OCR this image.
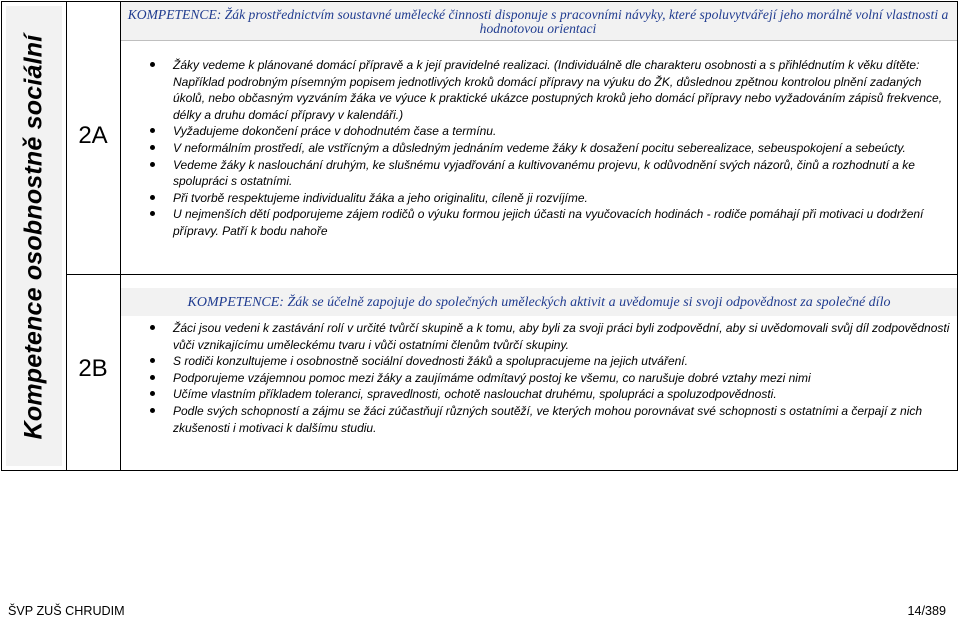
Kompetence osobnostně sociální	2A
2B
KOMPETENCE: Žák prostřednictvím soustavné umělecké činnosti disponuje s pracovními návyky, které spoluvytvářejí jeho morálně volní vlastnosti a hodnotovou orientaci
Žáky vedeme k plánované domácí přípravě a k její pravidelné realizaci. (Individuálně dle charakteru osobnosti a s přihlédnutím k věku dítěte: Například podrobným písemným popisem jednotlivých kroků domácí přípravy na výuku do ŽK, důslednou zpětnou kontrolou plnění zadaných úkolů, nebo občasným vyzváním žáka ve výuce k praktické ukázce postupných kroků jeho domácí přípravy nebo vyžadováním zápisů frekvence, délky a druhu domácí přípravy v kalendáři.)
Vyžadujeme dokončení práce v dohodnutém čase a termínu.
V neformálním prostředí, ale vstřícným a důsledným jednáním vedeme žáky k dosažení pocitu seberealizace, sebeuspokojení a sebeúcty.
Vedeme žáky k naslouchání druhým, ke slušnému vyjadřování a kultivovanému projevu, k odůvodnění svých názorů, činů a rozhodnutí a ke spolupráci s ostatními.
Při tvorbě respektujeme individualitu žáka a jeho originalitu, cíleně ji rozvíjíme.
U nejmenších dětí podporujeme zájem rodičů o výuku formou jejich účasti na vyučovacích hodinách - rodiče pomáhají při motivaci u dodržení přípravy. Patří k bodu nahoře
KOMPETENCE: Žák se účelně zapojuje do společných uměleckých aktivit a uvědomuje si svoji odpovědnost za společné dílo
Žáci jsou vedeni k zastávání rolí v určité tvůrčí skupině a k tomu, aby byli za svoji práci byli zodpovědní, aby si uvědomovali svůj díl zodpovědnosti vůči vznikajícímu uměleckému tvaru i vůči ostatními členům tvůrčí skupiny.
S rodiči konzultujeme i osobnostně sociální dovednosti žáků a spolupracujeme na jejich utváření.
Podporujeme vzájemnou pomoc mezi žáky a zaujímáme odmítavý postoj ke všemu, co narušuje dobré vztahy mezi nimi
Učíme vlastním příkladem toleranci, spravedlnosti, ochotě naslouchat druhému, spolupráci a spoluzodpovědnosti.
Podle svých schopností a zájmu se žáci zúčastňují různých soutěží, ve kterých mohou porovnávat své schopnosti s ostatními a čerpají z nich zkušenosti i motivaci k dalšímu studiu.
ŠVP ZUŠ CHRUDIM	14/389
